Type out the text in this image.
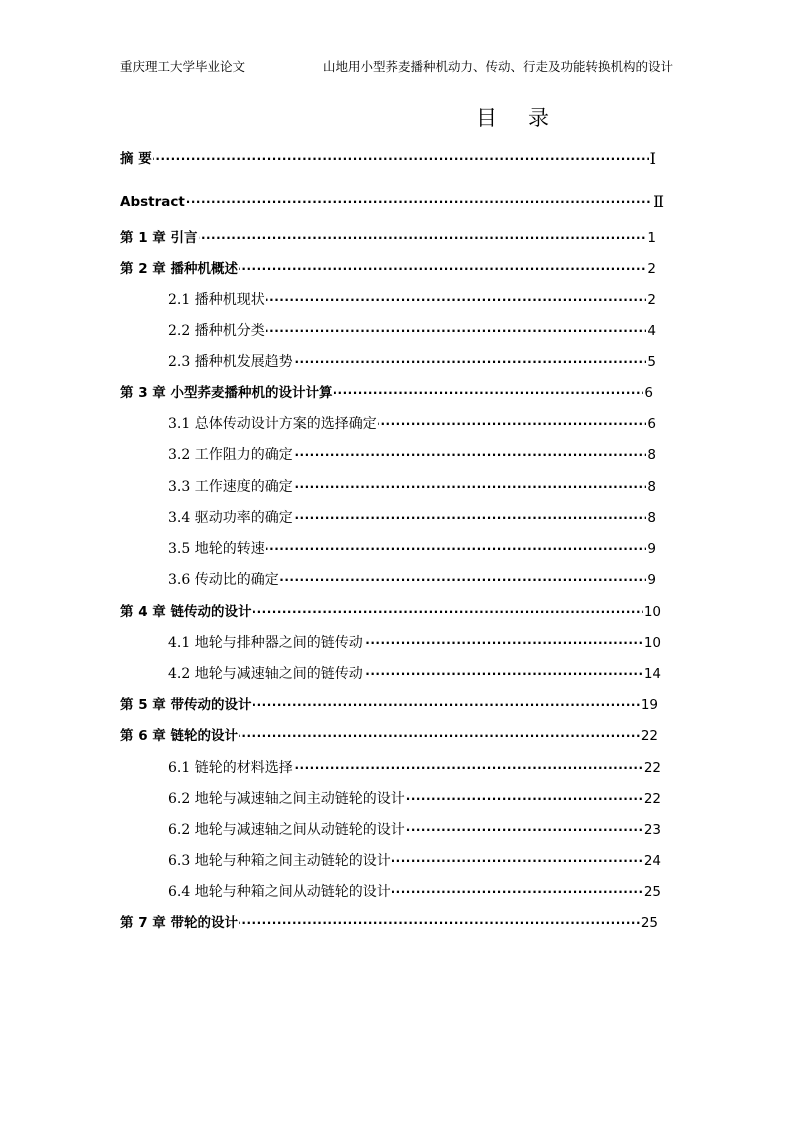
重庆理工大学毕业论文	山地用小型荞麦播种机动力、传动、行走及功能转换机构的设计
目 录
·····
摘 要	Ⅰ
·····
Abstract	Ⅱ
·····
第 1 章 引言	1
·····
第 2 章 播种机概述	2
·····
2.1 播种机现状	2
·····
2.2 播种机分类	4
·····
2.3 播种机发展趋势	5
·····
第 3 章 小型荞麦播种机的设计计算	6
·····
3.1 总体传动设计方案的选择确定	6
·····
3.2 工作阻力的确定	8
·····
3.3 工作速度的确定	8
·····
3.4 驱动功率的确定	8
·····
3.5 地轮的转速	9
·····
3.6 传动比的确定	9
·····
第 4 章 链传动的设计	10
·····
4.1 地轮与排种器之间的链传动	10
·····
4.2 地轮与减速轴之间的链传动	14
·····
第 5 章 带传动的设计	19
·····
第 6 章 链轮的设计	22
·····
6.1 链轮的材料选择	22
·····
6.2 地轮与减速轴之间主动链轮的设计	22
·····
6.2 地轮与减速轴之间从动链轮的设计	23
·····
6.3 地轮与种箱之间主动链轮的设计	24
·····
6.4 地轮与种箱之间从动链轮的设计	25
·····
第 7 章 带轮的设计	25
